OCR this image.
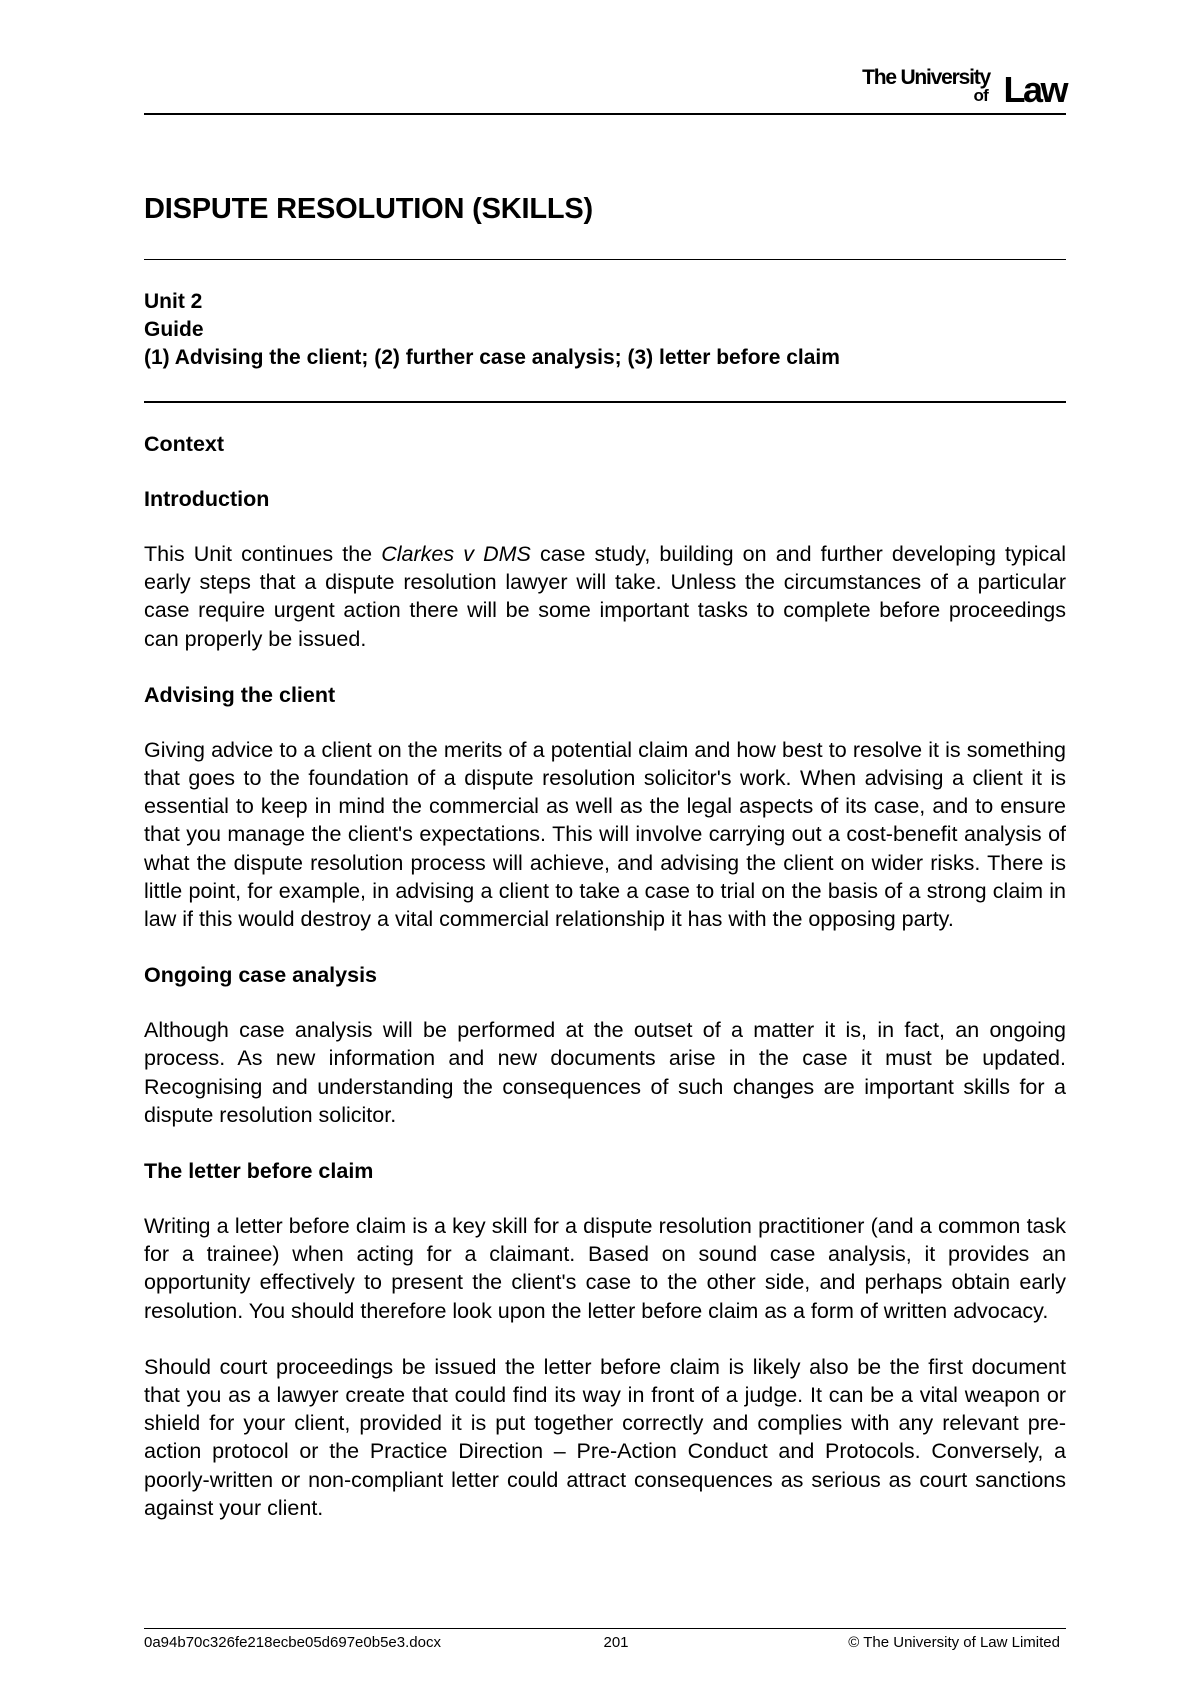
The University
of Law
DISPUTE RESOLUTION (SKILLS)
Unit 2
Guide
(1) Advising the client; (2) further case analysis; (3) letter before claim
Context
Introduction

This Unit continues the Clarkes v DMS case study, building on and further developing typical early steps that a dispute resolution lawyer will take. Unless the circumstances of a particular case require urgent action there will be some important tasks to complete before proceedings can properly be issued.

Advising the client

Giving advice to a client on the merits of a potential claim and how best to resolve it is something that goes to the foundation of a dispute resolution solicitor's work. When advising a client it is essential to keep in mind the commercial as well as the legal aspects of its case, and to ensure that you manage the client's expectations. This will involve carrying out a cost-benefit analysis of what the dispute resolution process will achieve, and advising the client on wider risks. There is little point, for example, in advising a client to take a case to trial on the basis of a strong claim in law if this would destroy a vital commercial relationship it has with the opposing party.

Ongoing case analysis

Although case analysis will be performed at the outset of a matter it is, in fact, an ongoing process. As new information and new documents arise in the case it must be updated. Recognising and understanding the consequences of such changes are important skills for a dispute resolution solicitor.

The letter before claim

Writing a letter before claim is a key skill for a dispute resolution practitioner (and a common task for a trainee) when acting for a claimant. Based on sound case analysis, it provides an opportunity effectively to present the client's case to the other side, and perhaps obtain early resolution. You should therefore look upon the letter before claim as a form of written advocacy.

Should court proceedings be issued the letter before claim is likely also be the first document that you as a lawyer create that could find its way in front of a judge. It can be a vital weapon or shield for your client, provided it is put together correctly and complies with any relevant pre-action protocol or the Practice Direction – Pre-Action Conduct and Protocols. Conversely, a poorly-written or non-compliant letter could attract consequences as serious as court sanctions against your client.

0a94b70c326fe218ecbe05d697e0b5e3.docx	201	© The University of Law Limited
